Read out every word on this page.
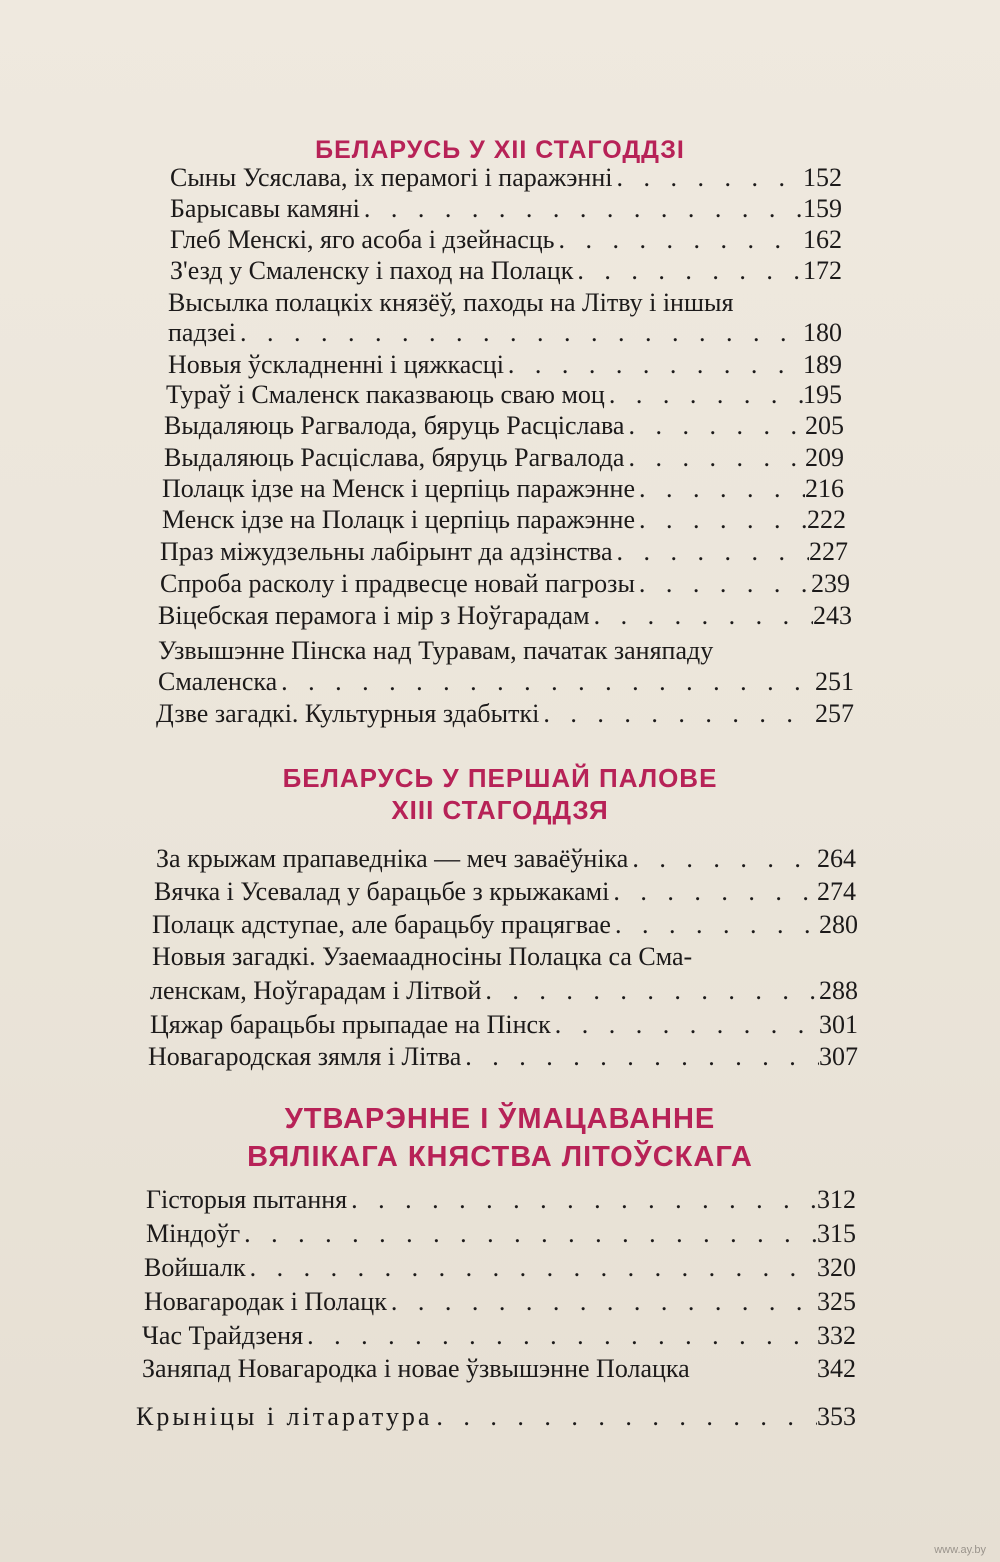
БЕЛАРУСЬ У ХІІ СТАГОДДЗІ
Сыны Усяслава, іх перамогі і паражэнні . . .	152
Барысавы камяні . . .	159
Глеб Менскі, яго асоба і дзейнасць . . .	162
З'езд у Смаленску і паход на Полацк . . .	172
Высылка полацкіх князёў, паходы на Літву і іншыя
падзеі . . .	180
Новыя ўскладненні і цяжкасці . . .	189
Тураў і Смаленск паказваюць сваю моц . . .	195
Выдаляюць Рагвалода, бяруць Расціслава . . .	205
Выдаляюць Расціслава, бяруць Рагвалода . . .	209
Полацк ідзе на Менск і церпіць паражэнне . . .	216
Менск ідзе на Полацк і церпіць паражэнне . . .	222
Праз міжудзельны лабірынт да адзінства . . .	227
Спроба расколу і прадвесце новай пагрозы . . .	239
Віцебская перамога і мір з Ноўгарадам . . .	243
Узвышэнне Пінска над Туравам, пачатак заняпаду
Смаленска . . .	251
Дзве загадкі. Культурныя здабыткі . . .	257
БЕЛАРУСЬ У ПЕРШАЙ ПАЛОВЕ
ХІІІ СТАГОДДЗЯ
За крыжам прапаведніка — меч заваёўніка . . .	264
Вячка і Усевалад у барацьбе з крыжакамі . . .	274
Полацк адступае, але барацьбу працягвае . . .	280
Новыя загадкі. Узаемаадносіны Полацка са Сма-
ленскам, Ноўгарадам і Літвой . . .	288
Цяжар барацьбы прыпадае на Пінск . . .	301
Новагародская зямля і Літва . . .	307
УТВАРЭННЕ І ЎМАЦАВАННЕ
ВЯЛІКАГА КНЯСТВА ЛІТОЎСКАГА
Гісторыя пытання . . .	312
Міндоўг . . .	315
Войшалк . . .	320
Новагародак і Полацк . . .	325
Час Трайдзеня . . .	332
Заняпад Новагародка і новае ўзвышэнне Полацка	342
Крыніцы і літаратура . . .	353
www.ay.by
